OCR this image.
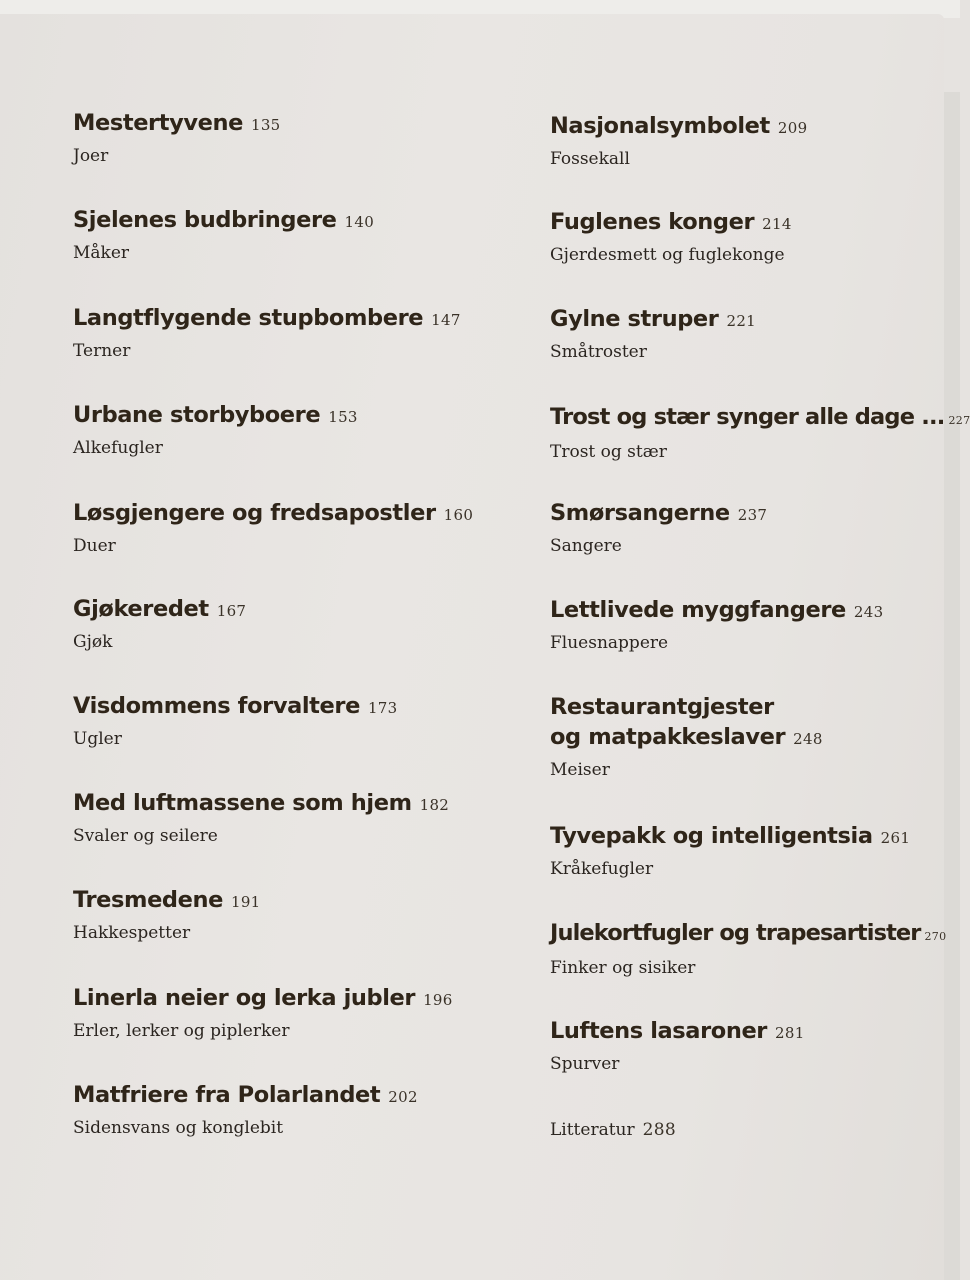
Mestertyvene 135
Joer
Sjelenes budbringere 140
Måker
Langtflygende stupbombere 147
Terner
Urbane storbyboere 153
Alkefugler
Løsgjengere og fredsapostler 160
Duer
Gjøkeredet 167
Gjøk
Visdommens forvaltere 173
Ugler
Med luftmassene som hjem 182
Svaler og seilere
Tresmedene 191
Hakkespetter
Linerla neier og lerka jubler 196
Erler, lerker og piplerker
Matfriere fra Polarlandet 202
Sidensvans og konglebit
Nasjonalsymbolet 209
Fossekall
Fuglenes konger 214
Gjerdesmett og fuglekonge
Gylne struper 221
Småtroster
Trost og stær synger alle dage ... 227
Trost og stær
Smørsangerne 237
Sangere
Lettlivede myggfangere 243
Fluesnappere
Restaurantgjester
og matpakkeslaver 248
Meiser
Tyvepakk og intelligentsia 261
Kråkefugler
Julekortfugler og trapesartister 270
Finker og sisiker
Luftens lasaroner 281
Spurver
Litteratur 288
